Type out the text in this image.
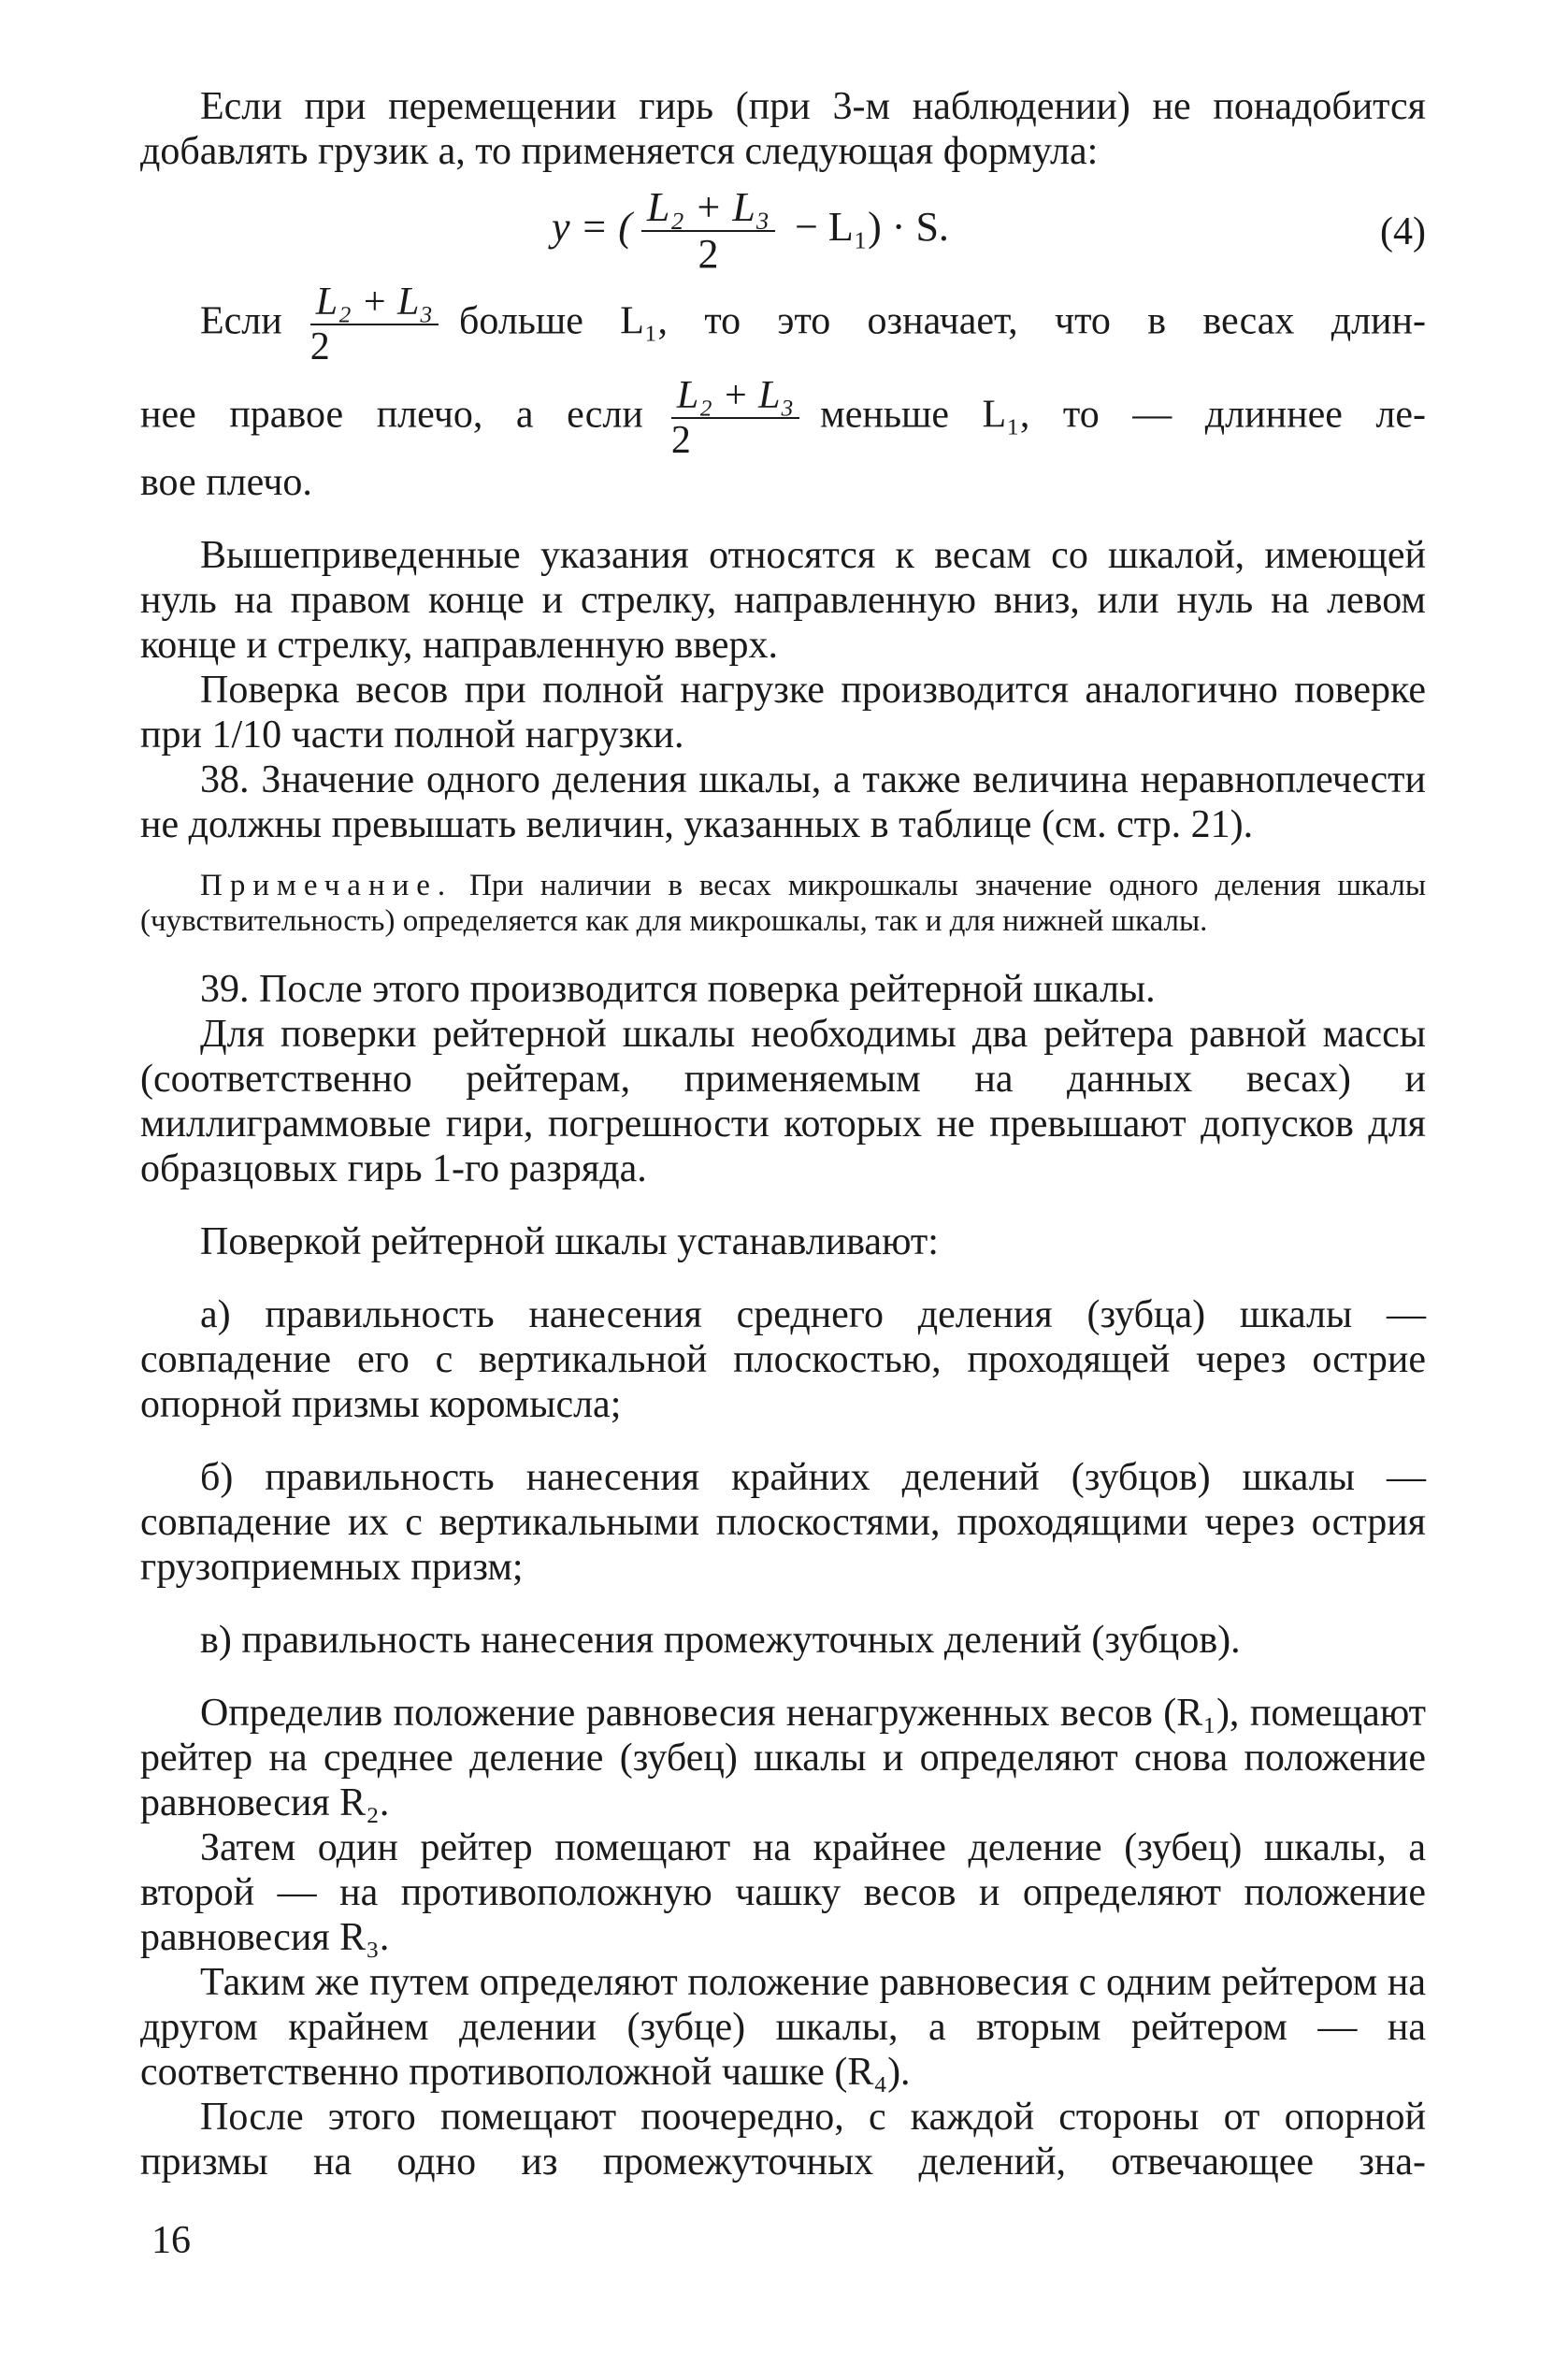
Если при перемещении гирь (при 3-м наблюдении) не понадобится добавлять грузик а, то применяется следующая формула:

y = ( $\frac{\text{L₂ + L₃}}{2} - L_1) \cdot S$.	(4)

Если $\frac{\text{L₂ + L₃}}{2}$ больше L₁, то это означает, что в весах длин-

нее правое плечо, а если $\frac{\text{L₂ + L₃}}{2}$ меньше L₁, то — длиннее ле-

вое плечо.

Вышеприведенные указания относятся к весам со шкалой, имеющей нуль на правом конце и стрелку, направленную вниз, или нуль на левом конце и стрелку, направленную вверх.

Поверка весов при полной нагрузке производится аналогично поверке при 1/10 части полной нагрузки.

38. Значение одного деления шкалы, а также величина неравноплечести не должны превышать величин, указанных в таблице (см. стр. 21).

Примечание. При наличии в весах микрошкалы значение одного деления шкалы (чувствительность) определяется как для микрошкалы, так и для нижней шкалы.

39. После этого производится поверка рейтерной шкалы.

Для поверки рейтерной шкалы необходимы два рейтера равной массы (соответственно рейтерам, применяемым на данных весах) и миллиграммовые гири, погрешности которых не превышают допусков для образцовых гирь 1-го разряда.

Поверкой рейтерной шкалы устанавливают:

а) правильность нанесения среднего деления (зубца) шкалы — совпадение его с вертикальной плоскостью, проходящей через острие опорной призмы коромысла;

б) правильность нанесения крайних делений (зубцов) шкалы — совпадение их с вертикальными плоскостями, проходящими через острия грузоприемных призм;

в) правильность нанесения промежуточных делений (зубцов).

Определив положение равновесия ненагруженных весов (R₁), помещают рейтер на среднее деление (зубец) шкалы и определяют снова положение равновесия R₂.

Затем один рейтер помещают на крайнее деление (зубец) шкалы, а второй — на противоположную чашку весов и определяют положение равновесия R₃.

Таким же путем определяют положение равновесия с одним рейтером на другом крайнем делении (зубце) шкалы, а вторым рейтером — на соответственно противоположной чашке (R₄).

После этого помещают поочередно, с каждой стороны от опорной призмы на одно из промежуточных делений, отвечающее зна-

16
